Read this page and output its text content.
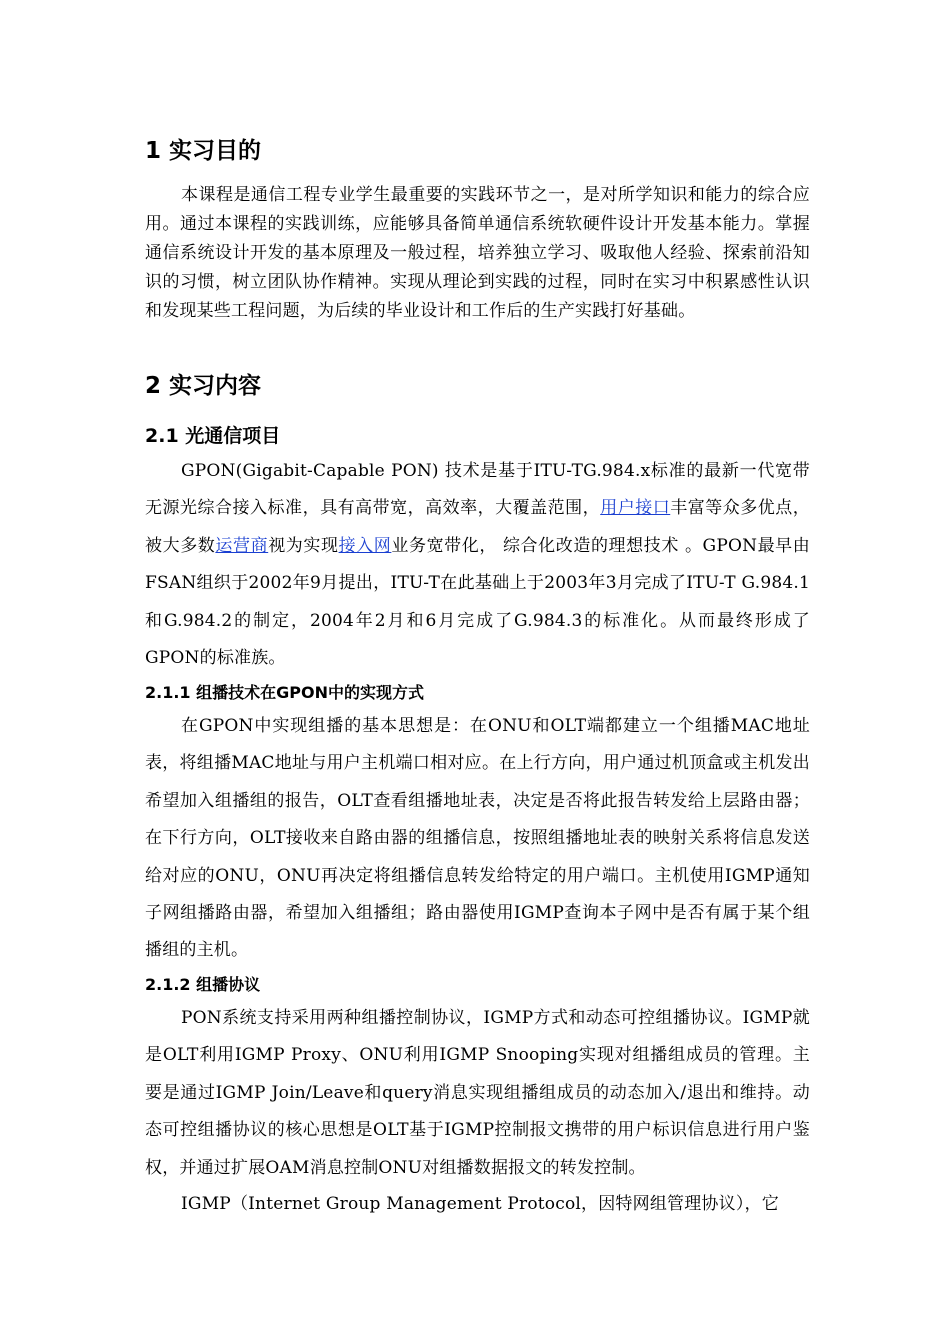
1 实习目的
本课程是通信工程专业学生最重要的实践环节之一，是对所学知识和能力的综合应用。通过本课程的实践训练，应能够具备简单通信系统软硬件设计开发基本能力。掌握通信系统设计开发的基本原理及一般过程，培养独立学习、吸取他人经验、探索前沿知识的习惯，树立团队协作精神。实现从理论到实践的过程，同时在实习中积累感性认识和发现某些工程问题，为后续的毕业设计和工作后的生产实践打好基础。
2 实习内容
2.1 光通信项目
GPON(Gigabit-Capable PON) 技术是基于ITU-TG.984.x标准的最新一代宽带无源光综合接入标准，具有高带宽，高效率，大覆盖范围，用户接口丰富等众多优点， 被大多数运营商视为实现接入网业务宽带化， 综合化改造的理想技术 。GPON最早由FSAN组织于2002年9月提出，ITU-T在此基础上于2003年3月完成了ITU-T G.984.1 和G.984.2的制定，2004年2月和6月完成了G.984.3的标准化。从而最终形成了GPON的标准族。
2.1.1 组播技术在GPON中的实现方式
在GPON中实现组播的基本思想是：在ONU和OLT端都建立一个组播MAC地址表，将组播MAC地址与用户主机端口相对应。在上行方向，用户通过机顶盒或主机发出希望加入组播组的报告，OLT查看组播地址表，决定是否将此报告转发给上层路由器；在下行方向，OLT接收来自路由器的组播信息，按照组播地址表的映射关系将信息发送给对应的ONU，ONU再决定将组播信息转发给特定的用户端口。主机使用IGMP通知子网组播路由器，希望加入组播组；路由器使用IGMP查询本子网中是否有属于某个组播组的主机。
2.1.2 组播协议
PON系统支持采用两种组播控制协议，IGMP方式和动态可控组播协议。IGMP就是OLT利用IGMP Proxy、ONU利用IGMP Snooping实现对组播组成员的管理。主要是通过IGMP Join/Leave和query消息实现组播组成员的动态加入/退出和维持。动态可控组播协议的核心思想是OLT基于IGMP控制报文携带的用户标识信息进行用户鉴权，并通过扩展OAM消息控制ONU对组播数据报文的转发控制。
IGMP（Internet Group Management Protocol，因特网组管理协议），它
